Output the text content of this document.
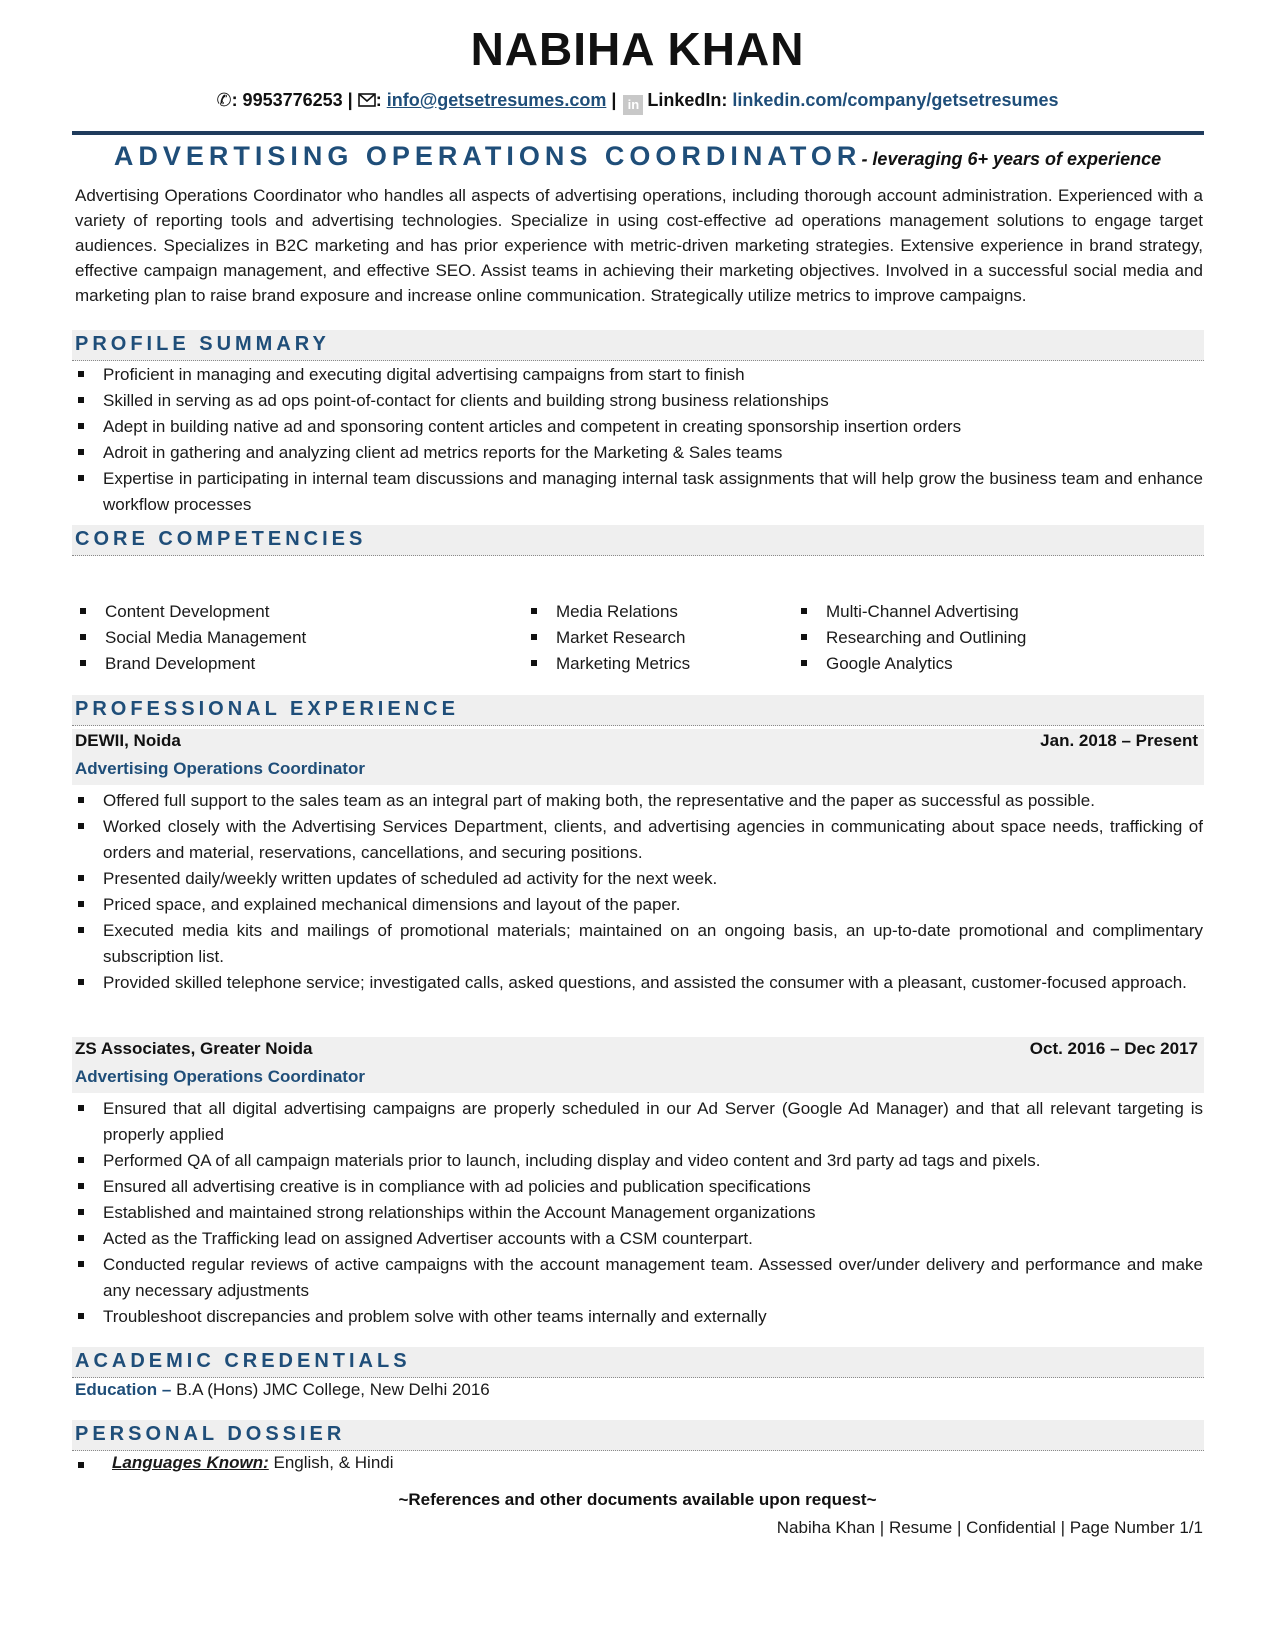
NABIHA KHAN
✆: 9953776253 | : info@getsetresumes.com | in LinkedIn: linkedin.com/company/getsetresumes
ADVERTISING OPERATIONS COORDINATOR- leveraging 6+ years of experience
Advertising Operations Coordinator who handles all aspects of advertising operations, including thorough account administration. Experienced with a variety of reporting tools and advertising technologies. Specialize in using cost-effective ad operations management solutions to engage target audiences. Specializes in B2C marketing and has prior experience with metric-driven marketing strategies. Extensive experience in brand strategy, effective campaign management, and effective SEO. Assist teams in achieving their marketing objectives. Involved in a successful social media and marketing plan to raise brand exposure and increase online communication. Strategically utilize metrics to improve campaigns.
PROFILE SUMMARY
Proficient in managing and executing digital advertising campaigns from start to finish
Skilled in serving as ad ops point-of-contact for clients and building strong business relationships
Adept in building native ad and sponsoring content articles and competent in creating sponsorship insertion orders
Adroit in gathering and analyzing client ad metrics reports for the Marketing & Sales teams
Expertise in participating in internal team discussions and managing internal task assignments that will help grow the business team and enhance workflow processes
CORE COMPETENCIES
Content Development
Social Media Management
Brand Development
Media Relations
Market Research
Marketing Metrics
Multi-Channel Advertising
Researching and Outlining
Google Analytics
PROFESSIONAL EXPERIENCE
DEWII, Noida	Jan. 2018 – Present
Advertising Operations Coordinator
Offered full support to the sales team as an integral part of making both, the representative and the paper as successful as possible.
Worked closely with the Advertising Services Department, clients, and advertising agencies in communicating about space needs, trafficking of orders and material, reservations, cancellations, and securing positions.
Presented daily/weekly written updates of scheduled ad activity for the next week.
Priced space, and explained mechanical dimensions and layout of the paper.
Executed media kits and mailings of promotional materials; maintained on an ongoing basis, an up-to-date promotional and complimentary subscription list.
Provided skilled telephone service; investigated calls, asked questions, and assisted the consumer with a pleasant, customer-focused approach.
ZS Associates, Greater Noida	Oct. 2016 – Dec 2017
Advertising Operations Coordinator
Ensured that all digital advertising campaigns are properly scheduled in our Ad Server (Google Ad Manager) and that all relevant targeting is properly applied
Performed QA of all campaign materials prior to launch, including display and video content and 3rd party ad tags and pixels.
Ensured all advertising creative is in compliance with ad policies and publication specifications
Established and maintained strong relationships within the Account Management organizations
Acted as the Trafficking lead on assigned Advertiser accounts with a CSM counterpart.
Conducted regular reviews of active campaigns with the account management team. Assessed over/under delivery and performance and make any necessary adjustments
Troubleshoot discrepancies and problem solve with other teams internally and externally
ACADEMIC CREDENTIALS
Education – B.A (Hons) JMC College, New Delhi 2016
PERSONAL DOSSIER
Languages Known: English, & Hindi
~References and other documents available upon request~
Nabiha Khan | Resume | Confidential | Page Number 1/1
